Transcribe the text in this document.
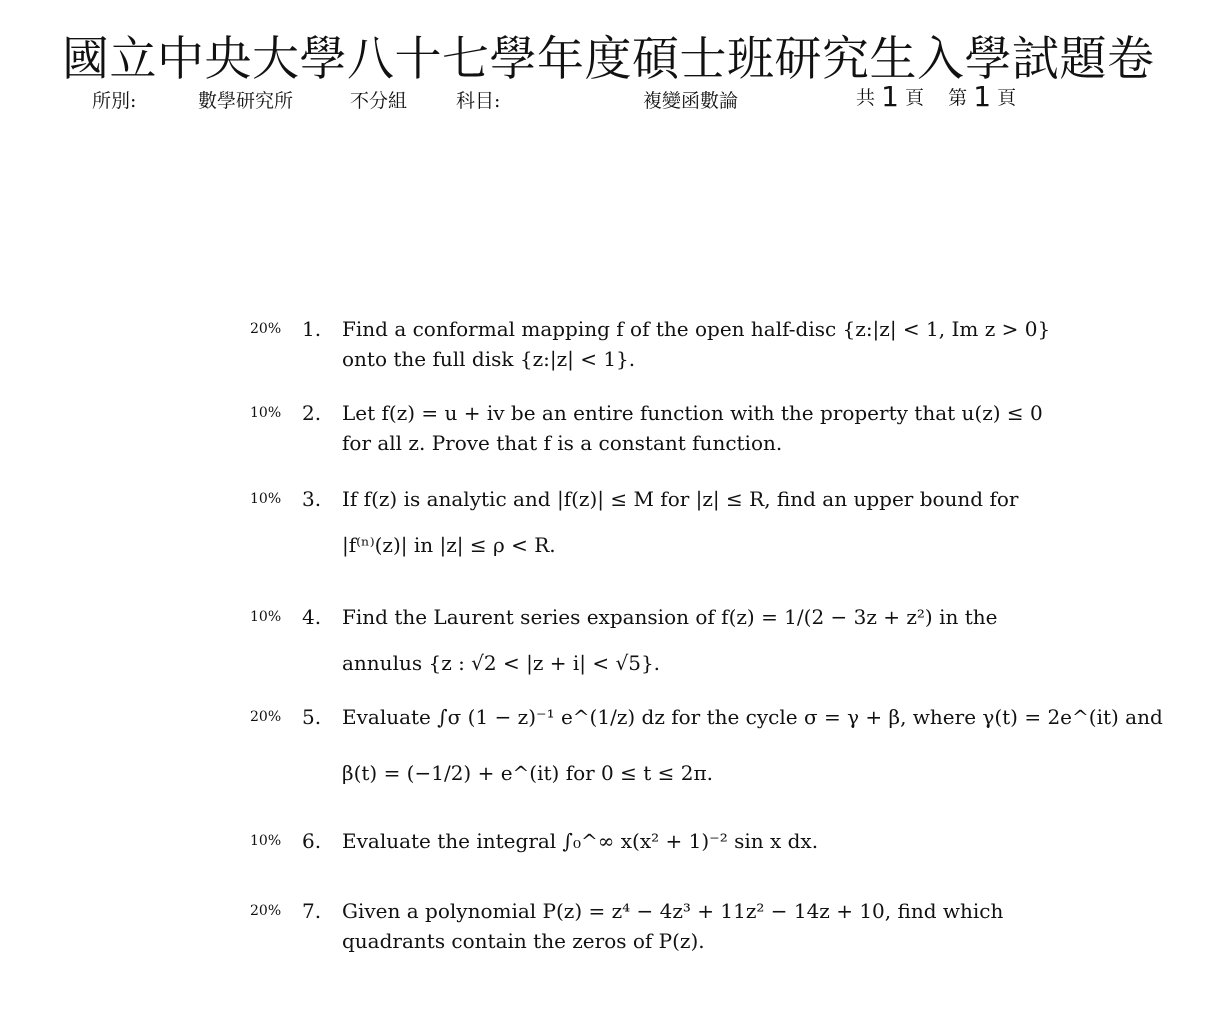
國立中央大學八十七學年度碩士班研究生入學試題卷
所別:	數學研究所	不分組	科目:	複變函數論	共 1 頁 第 1 頁
20% 1. Find a conformal mapping f of the open half-disc {z:|z| < 1, Im z > 0}
onto the full disk {z:|z| < 1}.
10% 2. Let f(z) = u + iv be an entire function with the property that u(z) ≤ 0
for all z. Prove that f is a constant function.
10% 3. If f(z) is analytic and |f(z)| ≤ M for |z| ≤ R, find an upper bound for
|f⁽ⁿ⁾(z)| in |z| ≤ ρ < R.
10% 4. Find the Laurent series expansion of f(z) = 1/(2 − 3z + z²) in the
annulus {z : √2 < |z + i| < √5}.
20% 5. Evaluate ∫σ (1 − z)⁻¹ e^(1/z) dz for the cycle σ = γ + β, where γ(t) = 2e^(it) and
β(t) = (−1/2) + e^(it) for 0 ≤ t ≤ 2π.
10% 6. Evaluate the integral ∫₀^∞ x(x² + 1)⁻² sin x dx.
20% 7. Given a polynomial P(z) = z⁴ − 4z³ + 11z² − 14z + 10, find which
quadrants contain the zeros of P(z).
